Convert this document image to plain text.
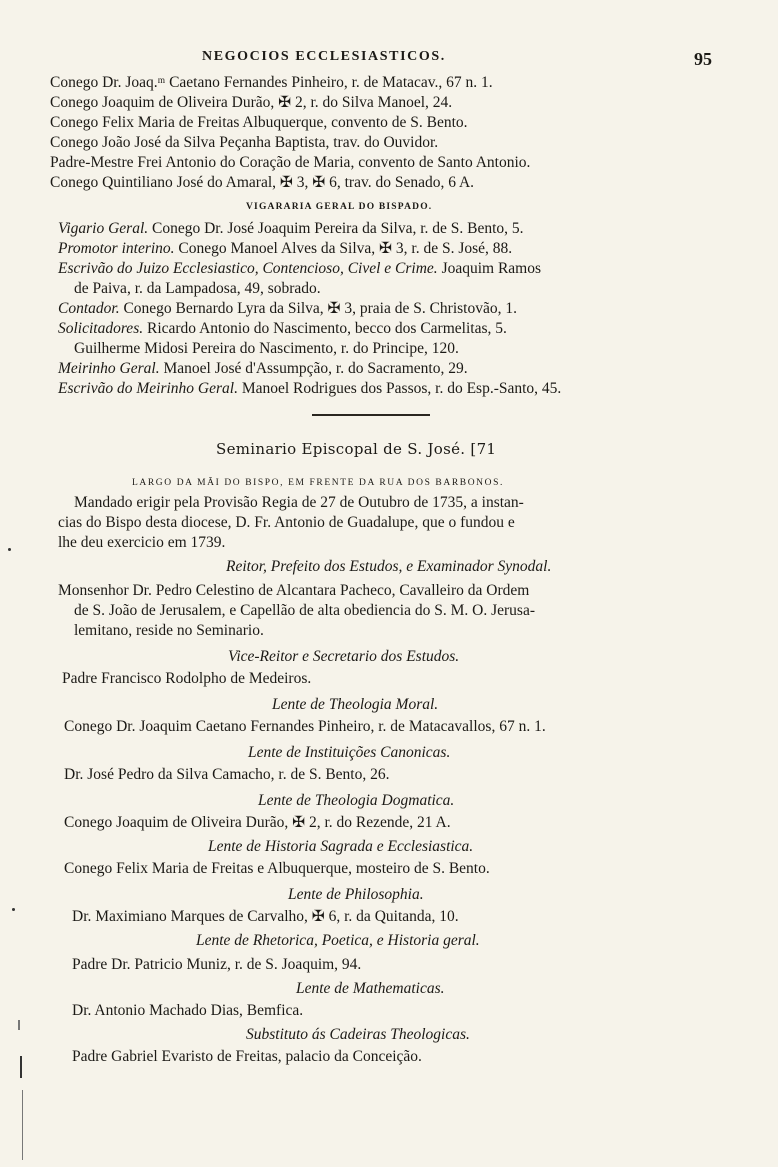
NEGOCIOS ECCLESIASTICOS.	95
Conego Dr. Joaq.ᵐ Caetano Fernandes Pinheiro, r. de Matacav., 67 n. 1.
Conego Joaquim de Oliveira Durão, ✠ 2, r. do Silva Manoel, 24.
Conego Felix Maria de Freitas Albuquerque, convento de S. Bento.
Conego João José da Silva Peçanha Baptista, trav. do Ouvidor.
Padre-Mestre Frei Antonio do Coração de Maria, convento de Santo Antonio.
Conego Quintiliano José do Amaral, ✠ 3, ✠ 6, trav. do Senado, 6 A.
VIGARARIA GERAL DO BISPADO.
Vigario Geral. Conego Dr. José Joaquim Pereira da Silva, r. de S. Bento, 5.
Promotor interino. Conego Manoel Alves da Silva, ✠ 3, r. de S. José, 88.
Escrivão do Juizo Ecclesiastico, Contencioso, Civel e Crime. Joaquim Ramos
de Paiva, r. da Lampadosa, 49, sobrado.
Contador. Conego Bernardo Lyra da Silva, ✠ 3, praia de S. Christovão, 1.
Solicitadores. Ricardo Antonio do Nascimento, becco dos Carmelitas, 5.
Guilherme Midosi Pereira do Nascimento, r. do Principe, 120.
Meirinho Geral. Manoel José d'Assumpção, r. do Sacramento, 29.
Escrivão do Meirinho Geral. Manoel Rodrigues dos Passos, r. do Esp.-Santo, 45.
Seminario Episcopal de S. José. [71
LARGO DA MÃI DO BISPO, EM FRENTE DA RUA DOS BARBONOS.
Mandado erigir pela Provisão Regia de 27 de Outubro de 1735, a instan-
cias do Bispo desta diocese, D. Fr. Antonio de Guadalupe, que o fundou e
lhe deu exercicio em 1739.
Reitor, Prefeito dos Estudos, e Examinador Synodal.
Monsenhor Dr. Pedro Celestino de Alcantara Pacheco, Cavalleiro da Ordem
de S. João de Jerusalem, e Capellão de alta obediencia do S. M. O. Jerusa-
lemitano, reside no Seminario.
Vice-Reitor e Secretario dos Estudos.
Padre Francisco Rodolpho de Medeiros.
Lente de Theologia Moral.
Conego Dr. Joaquim Caetano Fernandes Pinheiro, r. de Matacavallos, 67 n. 1.
Lente de Instituições Canonicas.
Dr. José Pedro da Silva Camacho, r. de S. Bento, 26.
Lente de Theologia Dogmatica.
Conego Joaquim de Oliveira Durão, ✠ 2, r. do Rezende, 21 A.
Lente de Historia Sagrada e Ecclesiastica.
Conego Felix Maria de Freitas e Albuquerque, mosteiro de S. Bento.
Lente de Philosophia.
Dr. Maximiano Marques de Carvalho, ✠ 6, r. da Quitanda, 10.
Lente de Rhetorica, Poetica, e Historia geral.
Padre Dr. Patricio Muniz, r. de S. Joaquim, 94.
Lente de Mathematicas.
Dr. Antonio Machado Dias, Bemfica.
Substituto ás Cadeiras Theologicas.
Padre Gabriel Evaristo de Freitas, palacio da Conceição.
